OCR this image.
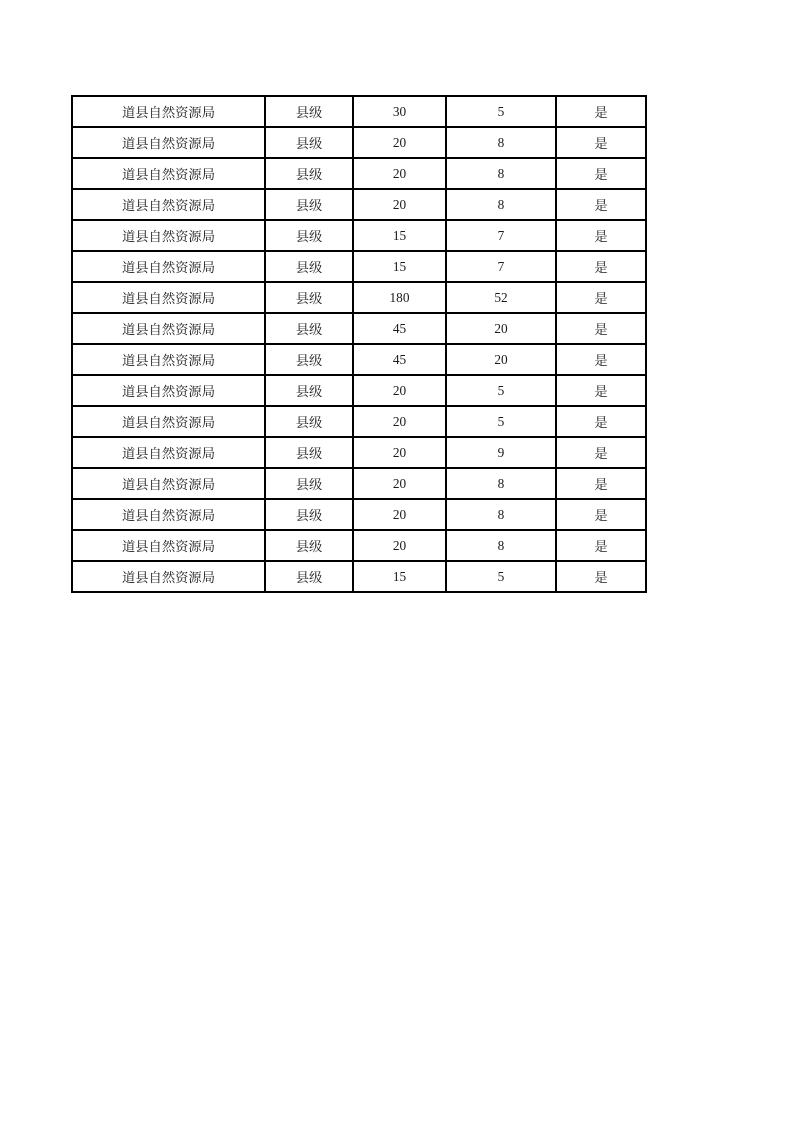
道县自然资源局	县级	30	5	是
道县自然资源局	县级	20	8	是
道县自然资源局	县级	20	8	是
道县自然资源局	县级	20	8	是
道县自然资源局	县级	15	7	是
道县自然资源局	县级	15	7	是
道县自然资源局	县级	180	52	是
道县自然资源局	县级	45	20	是
道县自然资源局	县级	45	20	是
道县自然资源局	县级	20	5	是
道县自然资源局	县级	20	5	是
道县自然资源局	县级	20	9	是
道县自然资源局	县级	20	8	是
道县自然资源局	县级	20	8	是
道县自然资源局	县级	20	8	是
道县自然资源局	县级	15	5	是
